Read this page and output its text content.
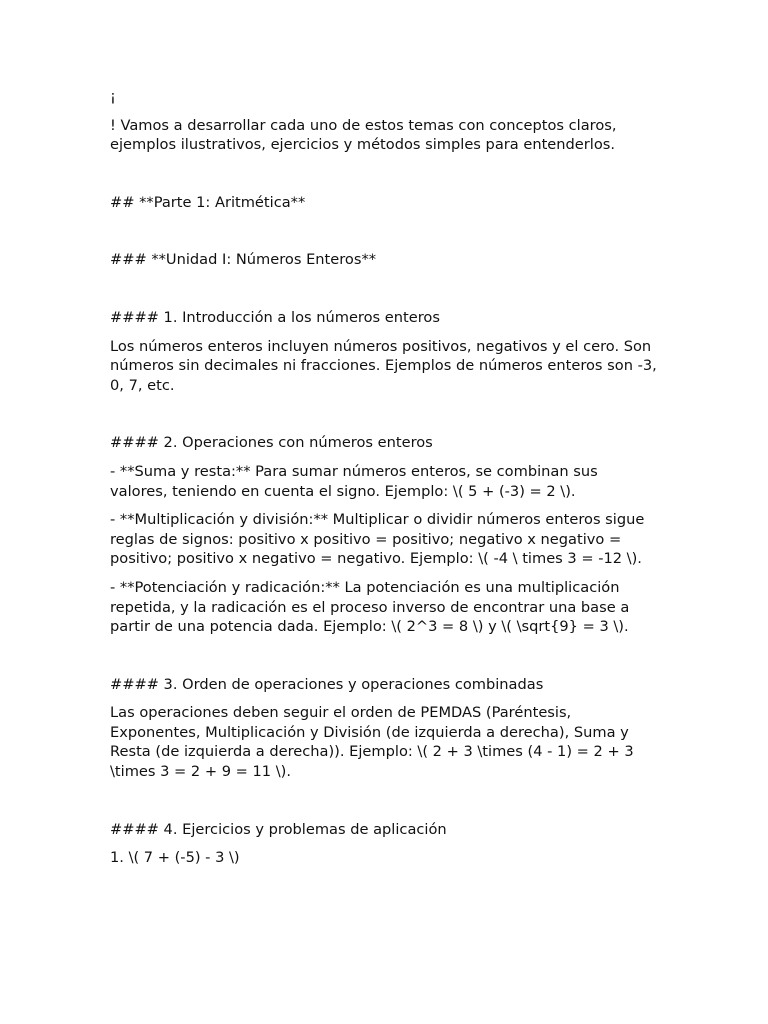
¡

! Vamos a desarrollar cada uno de estos temas con conceptos claros, ejemplos ilustrativos, ejercicios y métodos simples para entenderlos.

## **Parte 1: Aritmética**

### **Unidad I: Números Enteros**

#### 1. Introducción a los números enteros

Los números enteros incluyen números positivos, negativos y el cero. Son números sin decimales ni fracciones. Ejemplos de números enteros son -3, 0, 7, etc.

#### 2. Operaciones con números enteros

- **Suma y resta:** Para sumar números enteros, se combinan sus valores, teniendo en cuenta el signo. Ejemplo: \( 5 + (-3) = 2 \).

- **Multiplicación y división:** Multiplicar o dividir números enteros sigue reglas de signos: positivo x positivo = positivo; negativo x negativo = positivo; positivo x negativo = negativo. Ejemplo: \( -4 \ times 3 = -12 \).

- **Potenciación y radicación:** La potenciación es una multiplicación repetida, y la radicación es el proceso inverso de encontrar una base a partir de una potencia dada. Ejemplo: \( 2^3 = 8 \) y \( \sqrt{9} = 3 \).

#### 3. Orden de operaciones y operaciones combinadas

Las operaciones deben seguir el orden de PEMDAS (Paréntesis, Exponentes, Multiplicación y División (de izquierda a derecha), Suma y Resta (de izquierda a derecha)). Ejemplo: \( 2 + 3 \times (4 - 1) = 2 + 3 \times 3 = 2 + 9 = 11 \).

#### 4. Ejercicios y problemas de aplicación

1. \( 7 + (-5) - 3 \)
